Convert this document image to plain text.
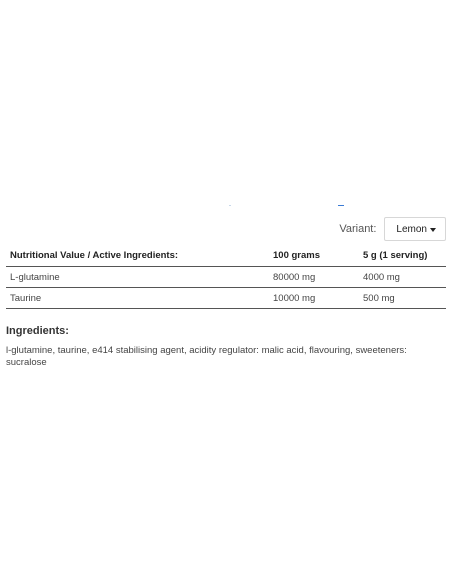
Variant: Lemon
Nutritional Value / Active Ingredients:	100 grams	5 g (1 serving)
L-glutamine	80000 mg	4000 mg
Taurine	10000 mg	500 mg
Ingredients:

l-glutamine, taurine, e414 stabilising agent, acidity regulator: malic acid, flavouring, sweeteners: sucralose
